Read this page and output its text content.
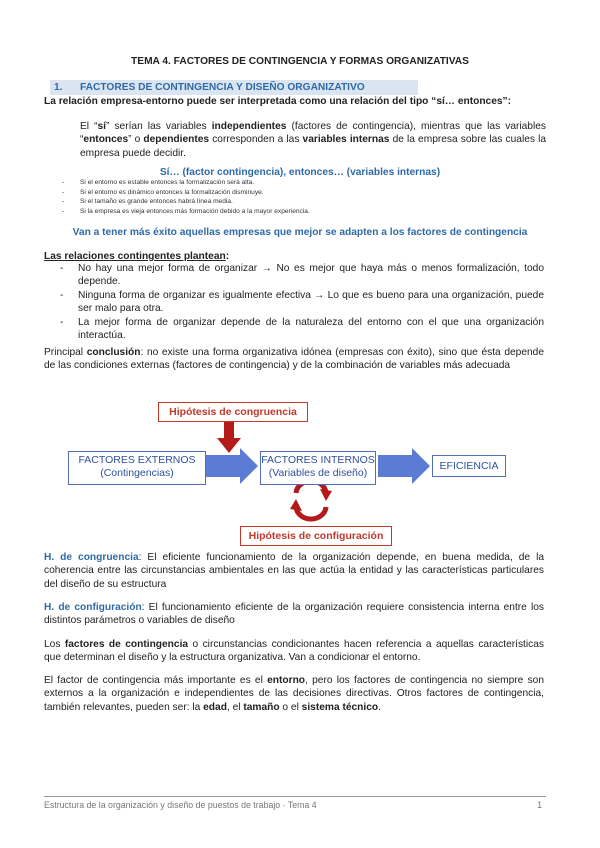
TEMA 4. FACTORES DE CONTINGENCIA Y FORMAS ORGANIZATIVAS
1. FACTORES DE CONTINGENCIA Y DISEÑO ORGANIZATIVO
La relación empresa-entorno puede ser interpretada como una relación del tipo “sí… entonces”:
El “sí” serían las variables independientes (factores de contingencia), mientras que las variables “entonces” o dependientes corresponden a las variables internas de la empresa sobre las cuales la empresa puede decidir.
Sí… (factor contingencia), entonces… (variables internas)
- Si el entorno es estable entonces la formalización será alta.
- Si el entorno es dinámico entonces la formalización disminuye.
- Si el tamaño es grande entonces habrá línea media.
- Si la empresa es vieja entonces más formación debido a la mayor experiencia.
Van a tener más éxito aquellas empresas que mejor se adapten a los factores de contingencia
Las relaciones contingentes plantean:
- No hay una mejor forma de organizar → No es mejor que haya más o menos formalización, todo depende.
- Ninguna forma de organizar es igualmente efectiva → Lo que es bueno para una organización, puede ser malo para otra.
- La mejor forma de organizar depende de la naturaleza del entorno con el que una organización interactúa.
Principal conclusión: no existe una forma organizativa idónea (empresas con éxito), sino que ésta depende de las condiciones externas (factores de contingencia) y de la combinación de variables más adecuada
Hipótesis de congruencia
FACTORES EXTERNOS
(Contingencias)
FACTORES INTERNOS
(Variables de diseño)
EFICIENCIA
Hipótesis de configuración
H. de congruencia: El eficiente funcionamiento de la organización depende, en buena medida, de la coherencia entre las circunstancias ambientales en las que actúa la entidad y las características particulares del diseño de su estructura
H. de configuración: El funcionamiento eficiente de la organización requiere consistencia interna entre los distintos parámetros o variables de diseño
Los factores de contingencia o circunstancias condicionantes hacen referencia a aquellas características que determinan el diseño y la estructura organizativa. Van a condicionar el entorno.
El factor de contingencia más importante es el entorno, pero los factores de contingencia no siempre son externos a la organización e independientes de las decisiones directivas. Otros factores de contingencia, también relevantes, pueden ser: la edad, el tamaño o el sistema técnico.
Estructura de la organización y diseño de puestos de trabajo · Tema 4	1
